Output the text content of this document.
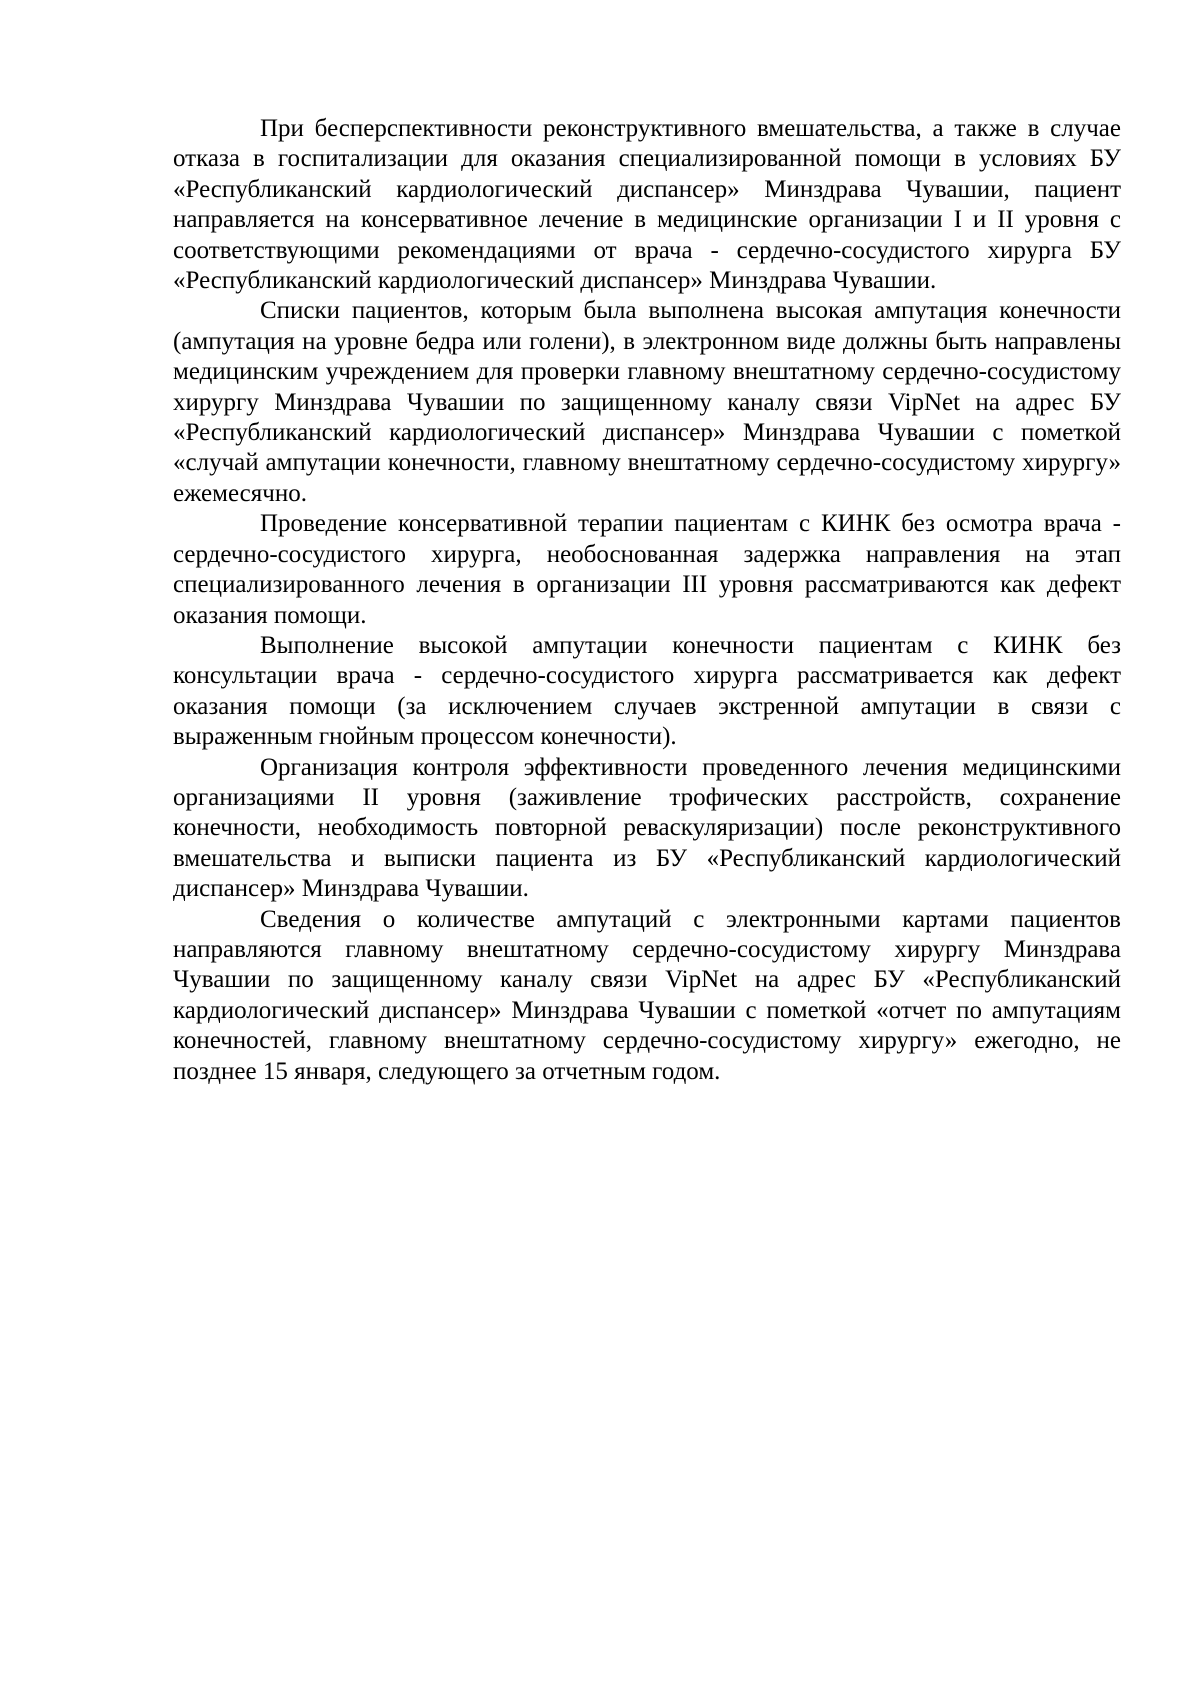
При бесперспективности реконструктивного вмешательства, а также в случае отказа в госпитализации для оказания специализированной помощи в условиях БУ «Республиканский кардиологический диспансер» Минздрава Чувашии, пациент направляется на консервативное лечение в медицинские организации I и II уровня с соответствующими рекомендациями от врача - сердечно-сосудистого хирурга БУ «Республиканский кардиологический диспансер» Минздрава Чувашии.

Списки пациентов, которым была выполнена высокая ампутация конечности (ампутация на уровне бедра или голени), в электронном виде должны быть направлены медицинским учреждением для проверки главному внештатному сердечно-сосудистому хирургу Минздрава Чувашии по защищенному каналу связи VipNet на адрес БУ «Республиканский кардиологический диспансер» Минздрава Чувашии с пометкой «случай ампутации конечности, главному внештатному сердечно-сосудистому хирургу» ежемесячно.

Проведение консервативной терапии пациентам с КИНК без осмотра врача - сердечно-сосудистого хирурга, необоснованная задержка направления на этап специализированного лечения в организации III уровня рассматриваются как дефект оказания помощи.

Выполнение высокой ампутации конечности пациентам с КИНК без консультации врача - сердечно-сосудистого хирурга рассматривается как дефект оказания помощи (за исключением случаев экстренной ампутации в связи с выраженным гнойным процессом конечности).

Организация контроля эффективности проведенного лечения медицинскими организациями II уровня (заживление трофических расстройств, сохранение конечности, необходимость повторной реваскуляризации) после реконструктивного вмешательства и выписки пациента из БУ «Республиканский кардиологический диспансер» Минздрава Чувашии.

Сведения о количестве ампутаций с электронными картами пациентов направляются главному внештатному сердечно-сосудистому хирургу Минздрава Чувашии по защищенному каналу связи VipNet на адрес БУ «Республиканский кардиологический диспансер» Минздрава Чувашии с пометкой «отчет по ампутациям конечностей, главному внештатному сердечно-сосудистому хирургу» ежегодно, не позднее 15 января, следующего за отчетным годом.
